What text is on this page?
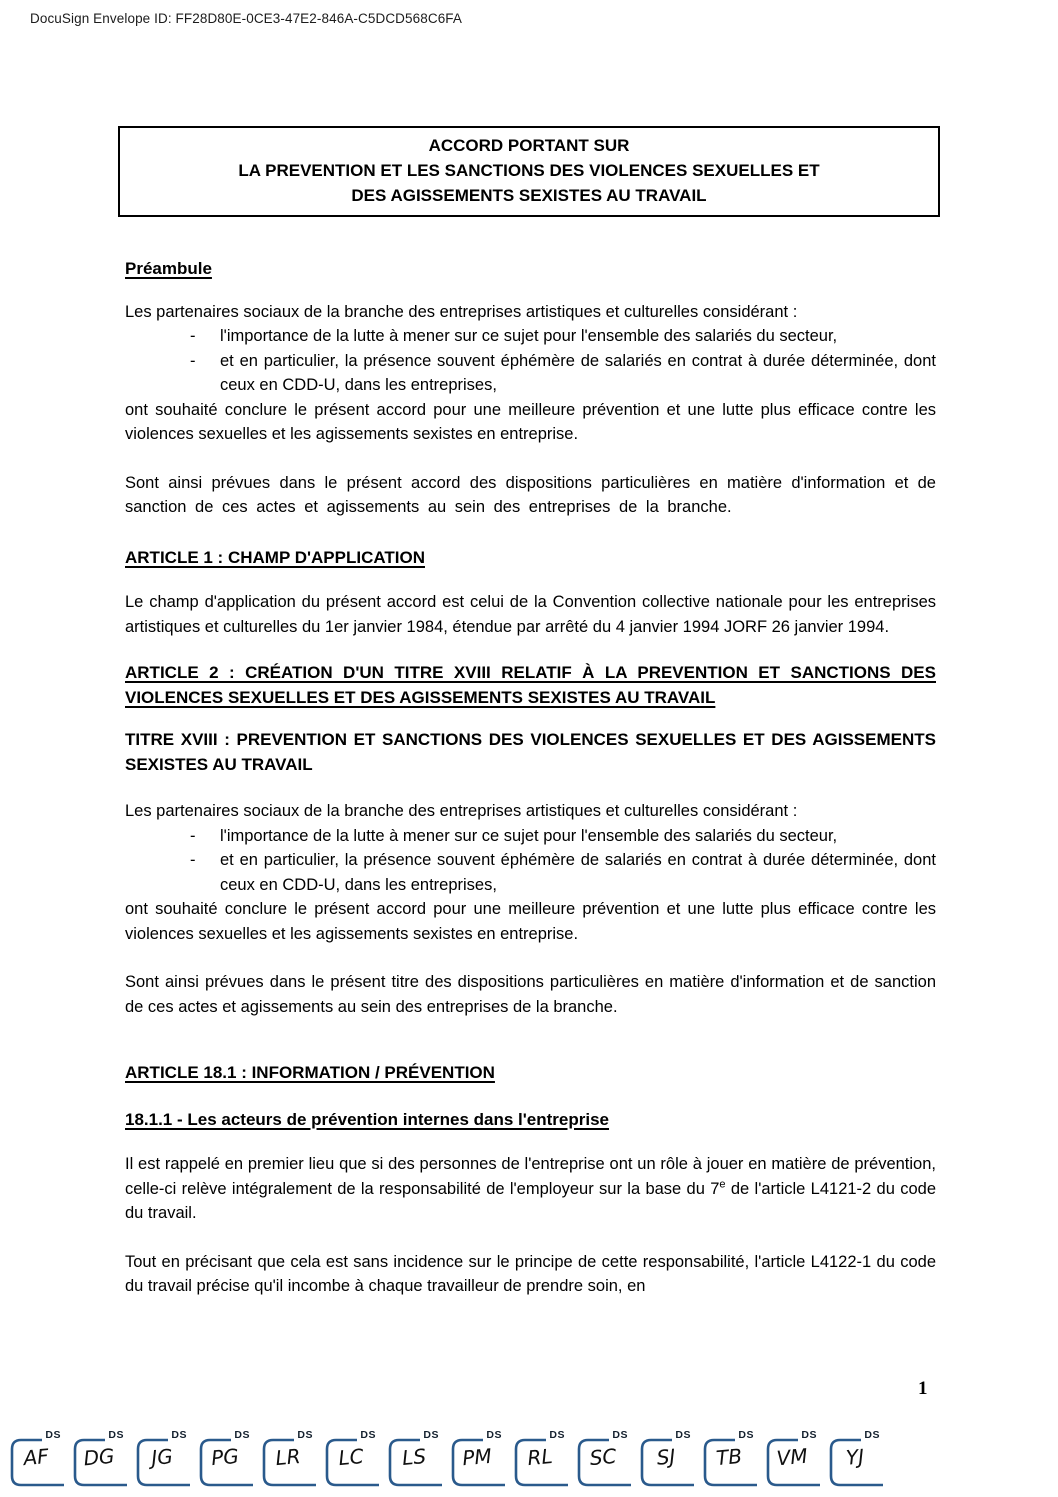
DocuSign Envelope ID: FF28D80E-0CE3-47E2-846A-C5DCD568C6FA
ACCORD PORTANT SUR
LA PREVENTION ET LES SANCTIONS DES VIOLENCES SEXUELLES ET
DES AGISSEMENTS SEXISTES AU TRAVAIL
Préambule

Les partenaires sociaux de la branche des entreprises artistiques et culturelles considérant :

- l'importance de la lutte à mener sur ce sujet pour l'ensemble des salariés du secteur,

- et en particulier, la présence souvent éphémère de salariés en contrat à durée déterminée, dont ceux en CDD-U, dans les entreprises,

ont souhaité conclure le présent accord pour une meilleure prévention et une lutte plus efficace contre les violences sexuelles et les agissements sexistes en entreprise.

Sont ainsi prévues dans le présent accord des dispositions particulières en matière d'information et de sanction de ces actes et agissements au sein des entreprises de la branche.

ARTICLE 1 : CHAMP D'APPLICATION

Le champ d'application du présent accord est celui de la Convention collective nationale pour les entreprises artistiques et culturelles du 1er janvier 1984, étendue par arrêté du 4 janvier 1994 JORF 26 janvier 1994.

ARTICLE 2 : CRÉATION D'UN TITRE XVIII RELATIF À LA PREVENTION ET SANCTIONS DES VIOLENCES SEXUELLES ET DES AGISSEMENTS SEXISTES AU TRAVAIL
TITRE XVIII : PREVENTION ET SANCTIONS DES VIOLENCES SEXUELLES ET DES AGISSEMENTS SEXISTES AU TRAVAIL

Les partenaires sociaux de la branche des entreprises artistiques et culturelles considérant :

- l'importance de la lutte à mener sur ce sujet pour l'ensemble des salariés du secteur,

- et en particulier, la présence souvent éphémère de salariés en contrat à durée déterminée, dont ceux en CDD-U, dans les entreprises,

ont souhaité conclure le présent accord pour une meilleure prévention et une lutte plus efficace contre les violences sexuelles et les agissements sexistes en entreprise.

Sont ainsi prévues dans le présent titre des dispositions particulières en matière d'information et de sanction de ces actes et agissements au sein des entreprises de la branche.

ARTICLE 18.1 : INFORMATION / PRÉVENTION
18.1.1 - Les acteurs de prévention internes dans l'entreprise

Il est rappelé en premier lieu que si des personnes de l'entreprise ont un rôle à jouer en matière de prévention, celle-ci relève intégralement de la responsabilité de l'employeur sur la base du 7e de l'article L4121-2 du code du travail.

Tout en précisant que cela est sans incidence sur le principe de cette responsabilité, l'article L4122-1 du code du travail précise qu'il incombe à chaque travailleur de prendre soin, en

1
DS
AF
DS
DG
DS
JG
DS
PG
DS
LR
DS
LC
DS
LS
DS
PM
DS
RL
DS
SC
DS
SJ
DS
TB
DS
VM
DS
YJ
